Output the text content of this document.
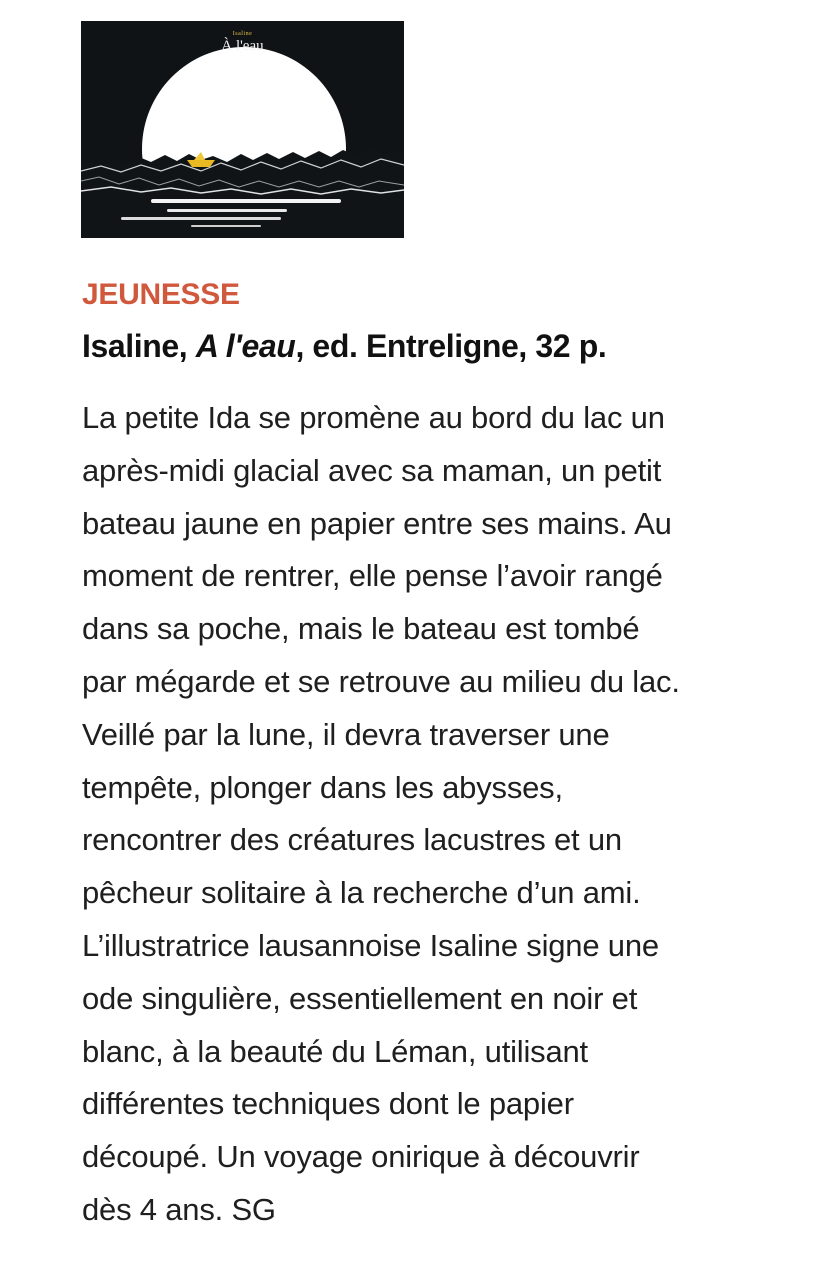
Isaline
À l'eau
JEUNESSE
Isaline, A l'eau, ed. Entreligne, 32 p.

La petite Ida se promène au bord du lac un
après-midi glacial avec sa maman, un petit
bateau jaune en papier entre ses mains. Au
moment de rentrer, elle pense l’avoir rangé
dans sa poche, mais le bateau est tombé
par mégarde et se retrouve au milieu du lac.
Veillé par la lune, il devra traverser une
tempête, plonger dans les abysses,
rencontrer des créatures lacustres et un
pêcheur solitaire à la recherche d’un ami.
L’illustratrice lausannoise Isaline signe une
ode singulière, essentiellement en noir et
blanc, à la beauté du Léman, utilisant
différentes techniques dont le papier
découpé. Un voyage onirique à découvrir
dès 4 ans. SG
